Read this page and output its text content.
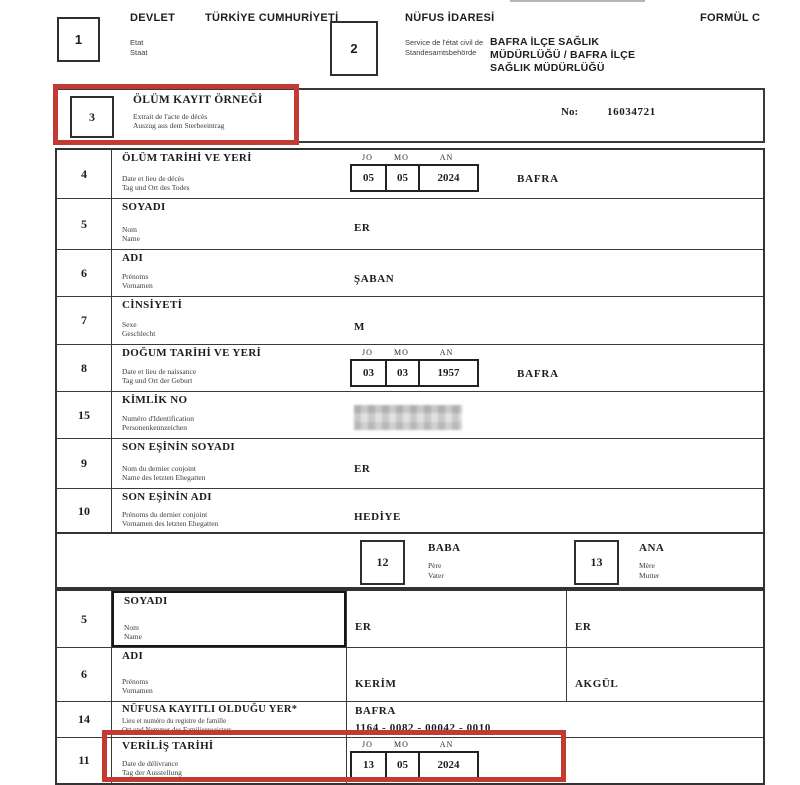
1
DEVLET	TÜRKİYE CUMHURİYETİ
Etat
Staat	2
NÜFUS İDARESİ
Service de l'état civil de
Standesamtsbehörde
BAFRA İLÇE SAĞLIK
MÜDÜRLÜĞÜ / BAFRA İLÇE
SAĞLIK MÜDÜRLÜĞÜ
FORMÜL C
3
ÖLÜM KAYIT ÖRNEĞİ
Extrait de l'acte de décès
Auszug aus dem Sterbeeintrag
No:	16034721
4
ÖLÜM TARİHİ VE YERİ
Date et lieu de décès
Tag und Ort des Todes
JO	MO	AN
05	05	2024	BAFRA
5
SOYADI
Nom
Name
ER
6
ADI
Prénoms
Vornamen
ŞABAN
7
CİNSİYETİ
Sexe
Geschlecht
M
8
DOĞUM TARİHİ VE YERİ
Date et lieu de naissance
Tag und Ort der Geburt
JO	MO	AN
03	03	1957	BAFRA
15
KİMLİK NO
Numéro d'Identification
Personenkennzeichen
9
SON EŞİNİN SOYADI
Nom du dernier conjoint
Name des letzten Ehegatten
ER
10
SON EŞİNİN ADI
Prénoms du dernier conjoint
Vornamen des letzten Ehegatten
HEDİYE
12
BABA
Père
Vater
13
ANA
Mère
Mutter
5
SOYADI
Nom
Name
ER	ER
6
ADI
Prénoms
Vornamen
KERİM	AKGÜL
14
NÜFUSA KAYITLI OLDUĞU YER*
Lieu et numéro du registre de famille
Ort und Nummer des Familienregisters
BAFRA
1164 - 0082 - 00042 - 0010
11
VERİLİŞ TARİHİ
Date de délivrance
Tag der Ausstellung
JO	MO	AN
13	05	2024
